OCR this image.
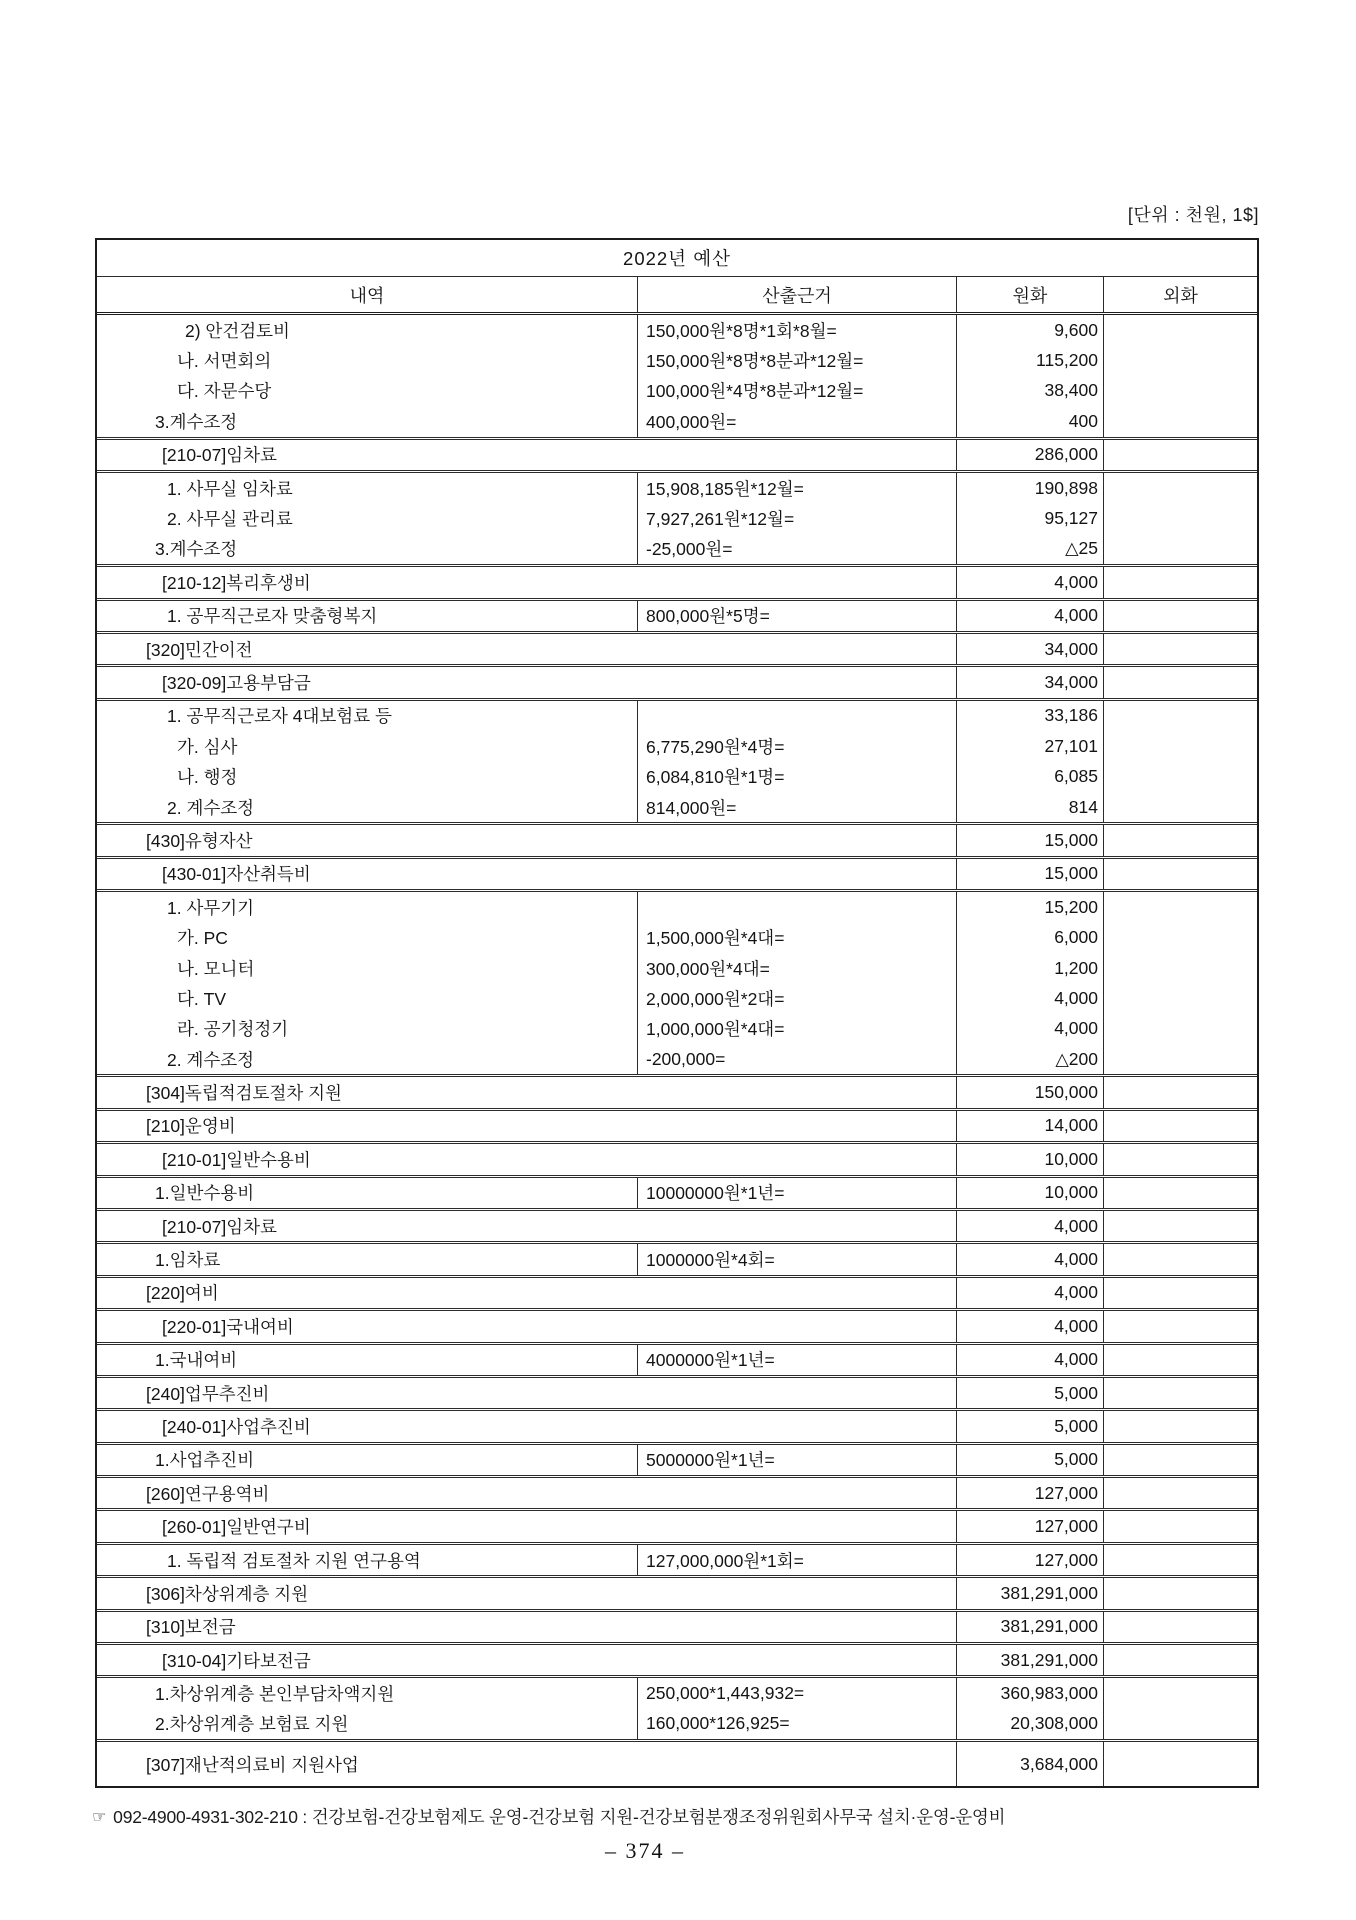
[단위 : 천원, 1$]
2022년 예산
내역	산출근거	원화	외화
2) 안건검토비	150,000원*8명*1회*8월=	9,600
나. 서면회의	150,000원*8명*8분과*12월=	115,200
다. 자문수당	100,000원*4명*8분과*12월=	38,400
3.계수조정	400,000원=	400
[210-07]임차료	286,000
1. 사무실 임차료	15,908,185원*12월=	190,898
2. 사무실 관리료	7,927,261원*12월=	95,127
3.계수조정	-25,000원=	△25
[210-12]복리후생비	4,000
1. 공무직근로자 맞춤형복지	800,000원*5명=	4,000
[320]민간이전	34,000
[320-09]고용부담금	34,000
1. 공무직근로자 4대보험료 등	33,186
가. 심사	6,775,290원*4명=	27,101
나. 행정	6,084,810원*1명=	6,085
2. 계수조정	814,000원=	814
[430]유형자산	15,000
[430-01]자산취득비	15,000
1. 사무기기	15,200
가. PC	1,500,000원*4대=	6,000
나. 모니터	300,000원*4대=	1,200
다. TV	2,000,000원*2대=	4,000
라. 공기청정기	1,000,000원*4대=	4,000
2. 계수조정	-200,000=	△200
[304]독립적검토절차 지원	150,000
[210]운영비	14,000
[210-01]일반수용비	10,000
1.일반수용비	10000000원*1년=	10,000
[210-07]임차료	4,000
1.임차료	1000000원*4회=	4,000
[220]여비	4,000
[220-01]국내여비	4,000
1.국내여비	4000000원*1년=	4,000
[240]업무추진비	5,000
[240-01]사업추진비	5,000
1.사업추진비	5000000원*1년=	5,000
[260]연구용역비	127,000
[260-01]일반연구비	127,000
1. 독립적 검토절차 지원 연구용역	127,000,000원*1회=	127,000
[306]차상위계층 지원	381,291,000
[310]보전금	381,291,000
[310-04]기타보전금	381,291,000
1.차상위계층 본인부담차액지원	250,000*1,443,932=	360,983,000
2.차상위계층 보험료 지원	160,000*126,925=	20,308,000
[307]재난적의료비 지원사업	3,684,000
☞ 092-4900-4931-302-210 : 건강보험-건강보험제도 운영-건강보험 지원-건강보험분쟁조정위원회사무국 설치·운영-운영비
– 374 –
